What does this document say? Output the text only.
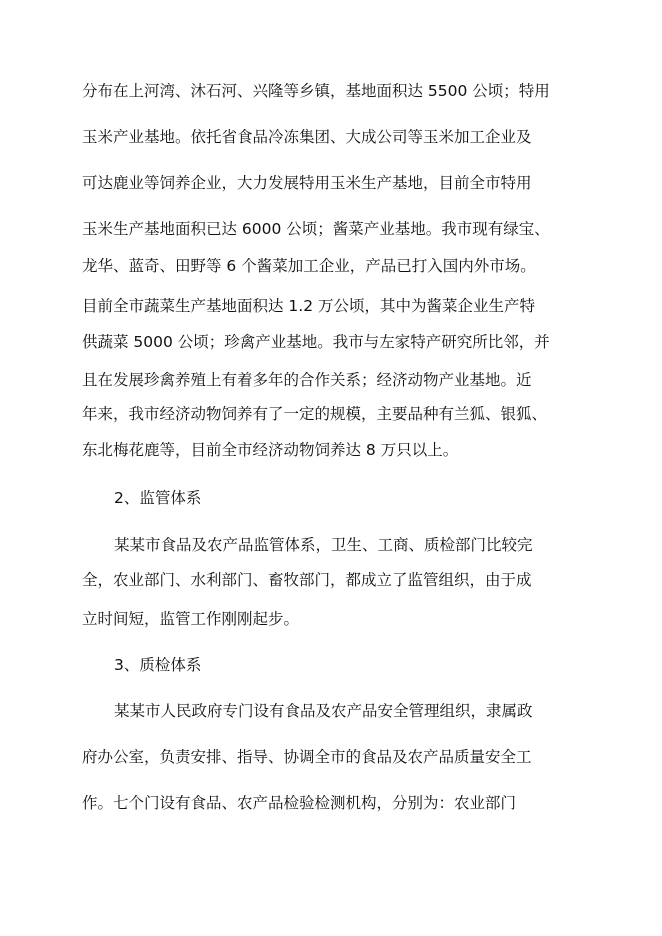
分布在上河湾、沐石河、兴隆等乡镇，基地面积达 5500 公顷；特用
玉米产业基地。依托省食品冷冻集团、大成公司等玉米加工企业及
可达鹿业等饲养企业，大力发展特用玉米生产基地，目前全市特用
玉米生产基地面积已达 6000 公顷；酱菜产业基地。我市现有绿宝、
龙华、蓝奇、田野等 6 个酱菜加工企业，产品已打入国内外市场。
目前全市蔬菜生产基地面积达 1.2 万公顷，其中为酱菜企业生产特
供蔬菜 5000 公顷；珍禽产业基地。我市与左家特产研究所比邻，并
且在发展珍禽养殖上有着多年的合作关系；经济动物产业基地。近
年来，我市经济动物饲养有了一定的规模，主要品种有兰狐、银狐、
东北梅花鹿等，目前全市经济动物饲养达 8 万只以上。
2、监管体系
某某市食品及农产品监管体系，卫生、工商、质检部门比较完
全，农业部门、水利部门、畜牧部门，都成立了监管组织，由于成
立时间短，监管工作刚刚起步。
3、质检体系
某某市人民政府专门设有食品及农产品安全管理组织，隶属政
府办公室，负责安排、指导、协调全市的食品及农产品质量安全工
作。七个门设有食品、农产品检验检测机构，分别为：农业部门
